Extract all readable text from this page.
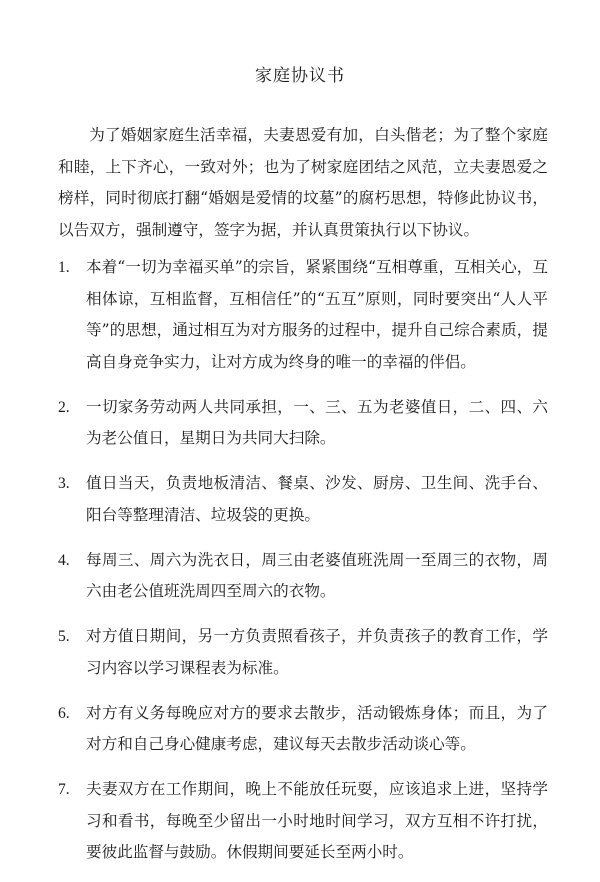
家庭协议书

为了婚姻家庭生活幸福，夫妻恩爱有加，白头偕老；为了整个家庭和睦，上下齐心，一致对外；也为了树家庭团结之风范，立夫妻恩爱之榜样，同时彻底打翻“婚姻是爱情的坟墓”的腐朽思想，特修此协议书，以告双方，强制遵守，签字为据，并认真贯策执行以下协议。

1.	本着“一切为幸福买单”的宗旨，紧紧围绕“互相尊重，互相关心，互相体谅，互相监督，互相信任”的“五互”原则，同时要突出“人人平等”的思想，通过相互为对方服务的过程中，提升自己综合素质，提高自身竞争实力，让对方成为终身的唯一的幸福的伴侣。
2.	一切家务劳动两人共同承担，一、三、五为老婆值日，二、四、六为老公值日，星期日为共同大扫除。
3.	值日当天，负责地板清洁、餐桌、沙发、厨房、卫生间、洗手台、阳台等整理清洁、垃圾袋的更换。
4.	每周三、周六为洗衣日，周三由老婆值班洗周一至周三的衣物，周六由老公值班洗周四至周六的衣物。
5.	对方值日期间，另一方负责照看孩子，并负责孩子的教育工作，学习内容以学习课程表为标准。
6.	对方有义务每晚应对方的要求去散步，活动锻炼身体；而且，为了对方和自己身心健康考虑，建议每天去散步活动谈心等。
7.	夫妻双方在工作期间，晚上不能放任玩耍，应该追求上进，坚持学习和看书，每晚至少留出一小时地时间学习，双方互相不许打扰，要彼此监督与鼓励。休假期间要延长至两小时。
